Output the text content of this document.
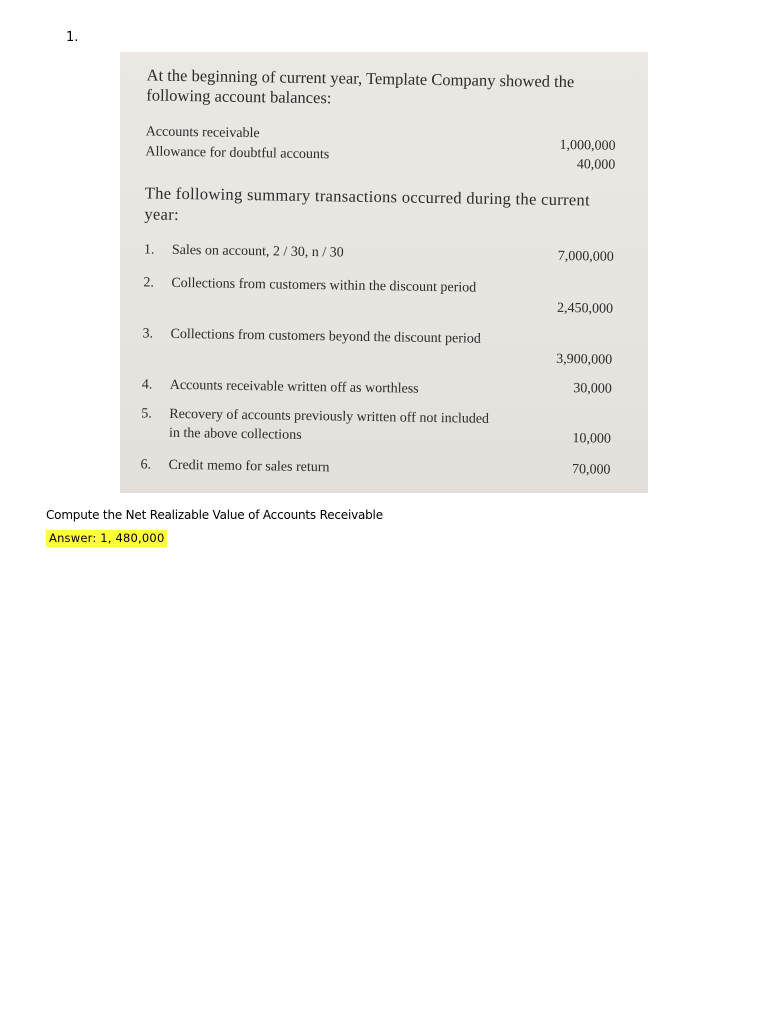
1.
At the beginning of current year, Template Company showed the following account balances:
Accounts receivable
1,000,000
Allowance for doubtful accounts
40,000
The following summary transactions occurred during the current year:
1.	Sales on account, 2 / 30, n / 30	7,000,000
2.	Collections from customers within the discount period
2,450,000
3.	Collections from customers beyond the discount period
3,900,000
4.	Accounts receivable written off as worthless	30,000
5.	Recovery of accounts previously written off not included in the above collections	10,000
6.	Credit memo for sales return	70,000
Compute the Net Realizable Value of Accounts Receivable
Answer: 1, 480,000
